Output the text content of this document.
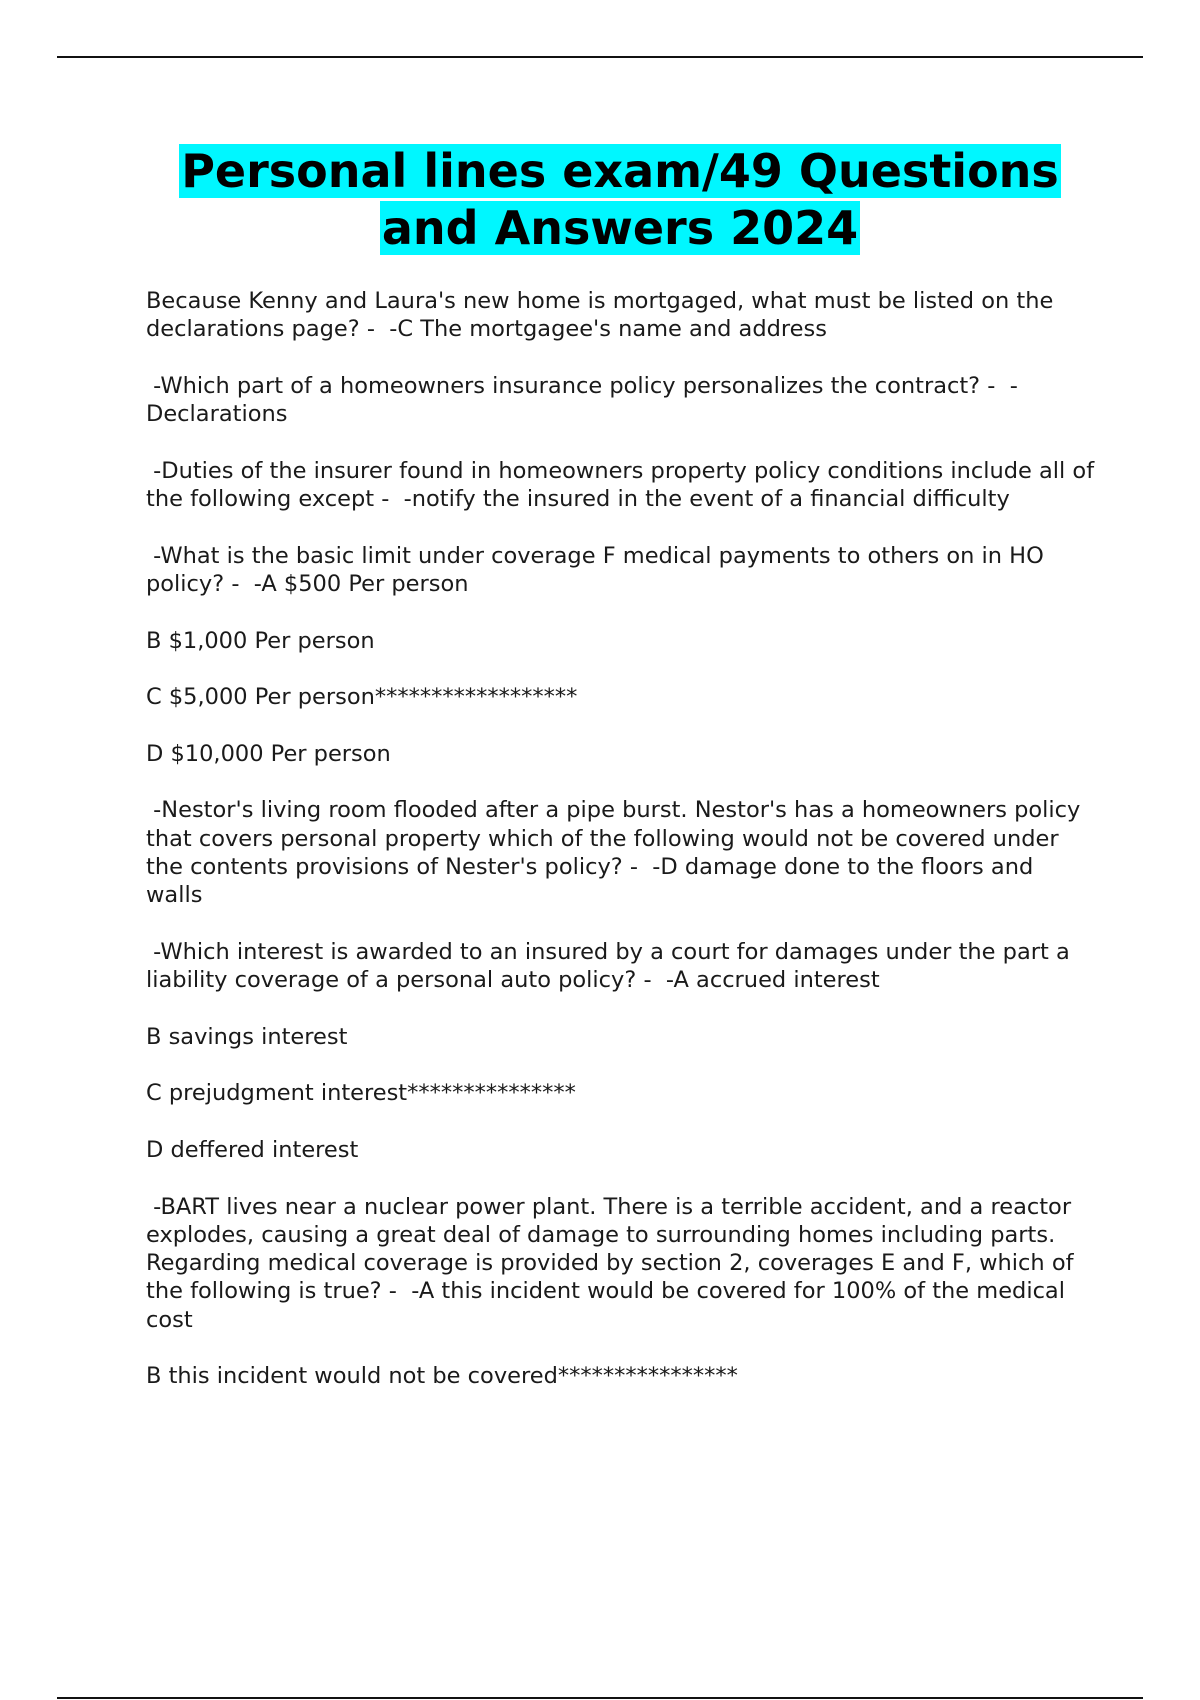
Personal lines exam/49 Questions
and Answers 2024

Because Kenny and Laura's new home is mortgaged, what must be listed on the declarations page? -  -C The mortgagee's name and address

-Which part of a homeowners insurance policy personalizes the contract? -  - Declarations

-Duties of the insurer found in homeowners property policy conditions include all of the following except -  -notify the insured in the event of a financial difficulty

-What is the basic limit under coverage F medical payments to others on in HO policy? -  -A $500 Per person

B $1,000 Per person

C $5,000 Per person******************

D $10,000 Per person

-Nestor's living room flooded after a pipe burst. Nestor's has a homeowners policy that covers personal property which of the following would not be covered under the contents provisions of Nester's policy? -  -D damage done to the floors and walls

-Which interest is awarded to an insured by a court for damages under the part a liability coverage of a personal auto policy? -  -A accrued interest

B savings interest

C prejudgment interest***************

D deffered interest

-BART lives near a nuclear power plant. There is a terrible accident, and a reactor explodes, causing a great deal of damage to surrounding homes including parts. Regarding medical coverage is provided by section 2, coverages E and F, which of the following is true? -  -A this incident would be covered for 100% of the medical cost

B this incident would not be covered****************
